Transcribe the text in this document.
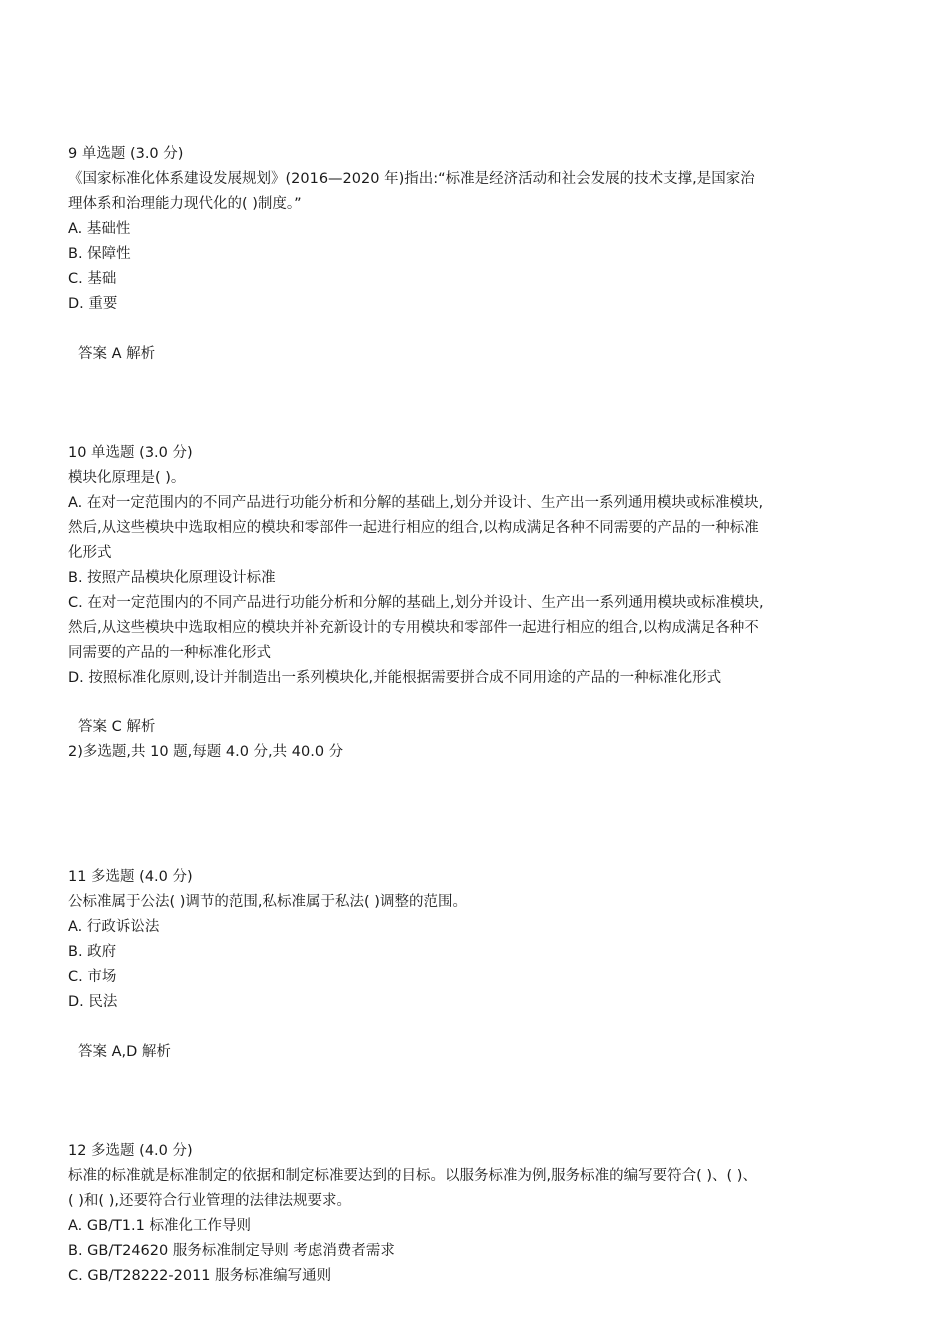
9 单选题 (3.0 分)
《国家标准化体系建设发展规划》(2016—2020 年)指出:“标准是经济活动和社会发展的技术支撑,是国家治
理体系和治理能力现代化的( )制度。”
A. 基础性
B. 保障性
C. 基础
D. 重要
答案 A 解析
10 单选题 (3.0 分)
模块化原理是( )。
A. 在对一定范围内的不同产品进行功能分析和分解的基础上,划分并设计、生产出一系列通用模块或标准模块,
然后,从这些模块中选取相应的模块和零部件一起进行相应的组合,以构成满足各种不同需要的产品的一种标准
化形式
B. 按照产品模块化原理设计标准
C. 在对一定范围内的不同产品进行功能分析和分解的基础上,划分并设计、生产出一系列通用模块或标准模块,
然后,从这些模块中选取相应的模块并补充新设计的专用模块和零部件一起进行相应的组合,以构成满足各种不
同需要的产品的一种标准化形式
D. 按照标准化原则,设计并制造出一系列模块化,并能根据需要拼合成不同用途的产品的一种标准化形式
答案 C 解析
2)多选题,共 10 题,每题 4.0 分,共 40.0 分
11 多选题 (4.0 分)
公标准属于公法( )调节的范围,私标准属于私法( )调整的范围。
A. 行政诉讼法
B. 政府
C. 市场
D. 民法
答案 A,D 解析
12 多选题 (4.0 分)
标准的标准就是标准制定的依据和制定标准要达到的目标。以服务标准为例,服务标准的编写要符合( )、( )、
( )和( ),还要符合行业管理的法律法规要求。
A. GB/T1.1 标准化工作导则
B. GB/T24620 服务标准制定导则 考虑消费者需求
C. GB/T28222-2011 服务标准编写通则
